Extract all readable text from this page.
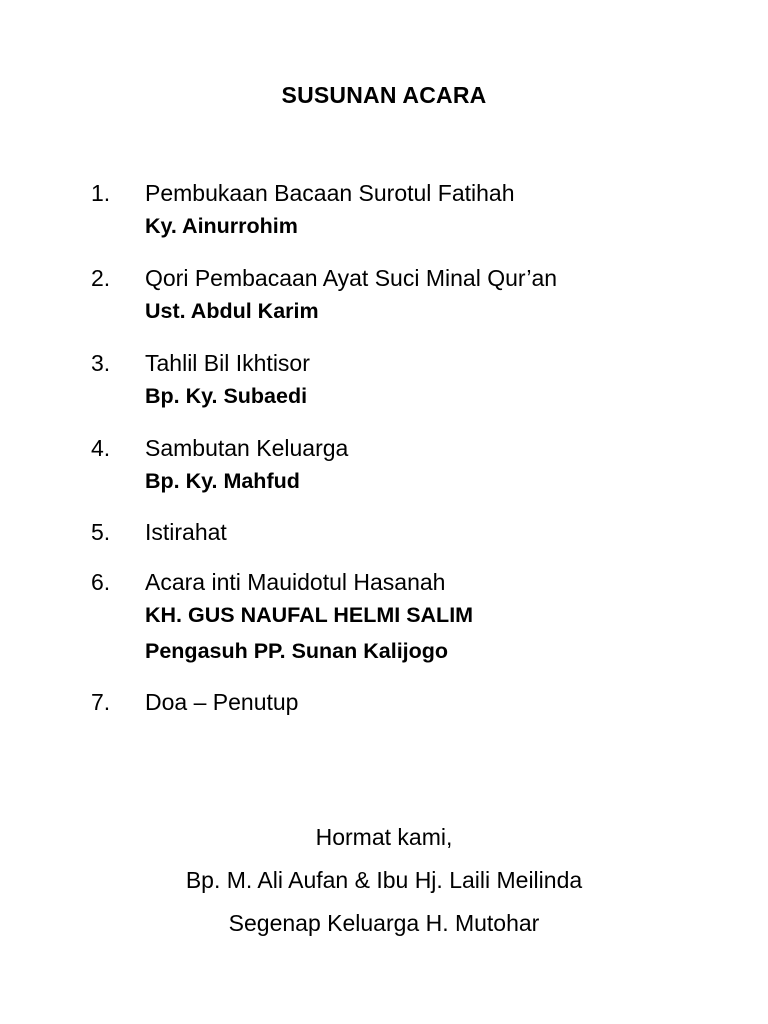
SUSUNAN ACARA
1. Pembukaan Bacaan Surotul Fatihah
Ky. Ainurrohim
2. Qori Pembacaan Ayat Suci Minal Qur’an
Ust. Abdul Karim
3. Tahlil Bil Ikhtisor
Bp. Ky. Subaedi
4. Sambutan Keluarga
Bp. Ky. Mahfud
5. Istirahat
6. Acara inti Mauidotul Hasanah
KH. GUS NAUFAL HELMI SALIM
Pengasuh PP. Sunan Kalijogo
7. Doa – Penutup
Hormat kami,
Bp. M. Ali Aufan & Ibu Hj. Laili Meilinda
Segenap Keluarga H. Mutohar
